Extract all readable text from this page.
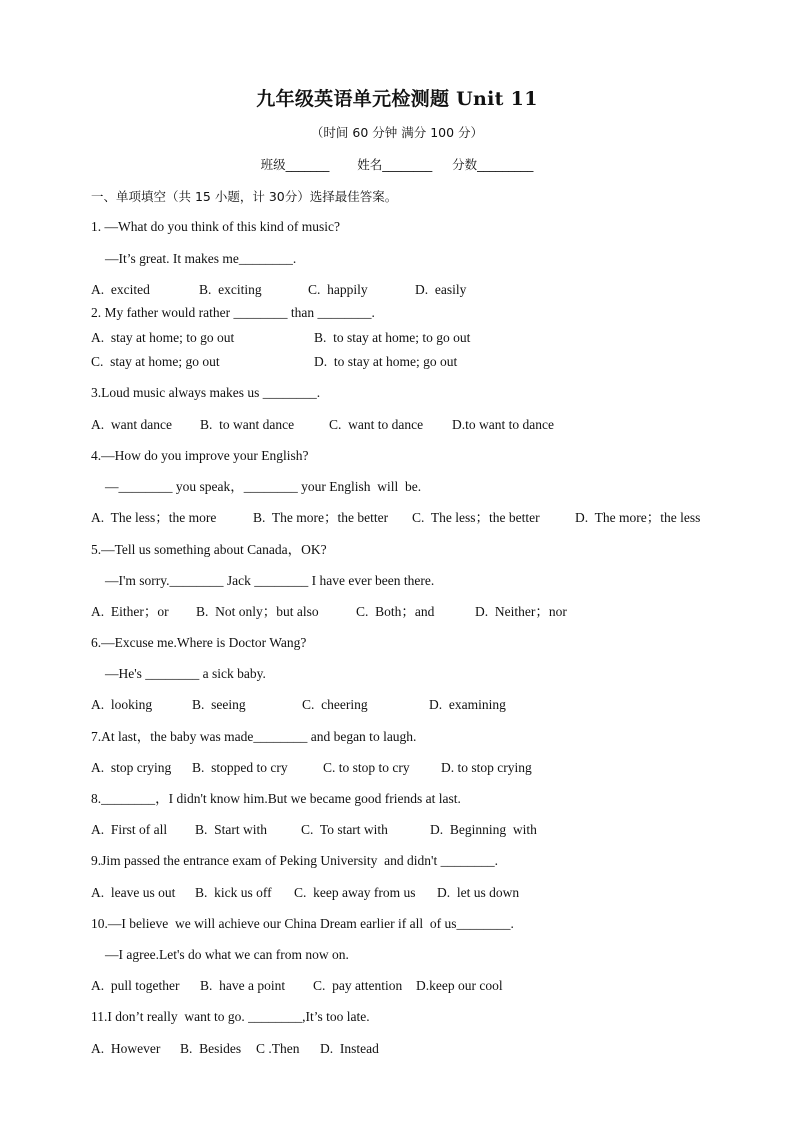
九年级英语单元检测题 Unit 11
（时间 60 分钟 满分 100 分）
班级_______       姓名________     分数_________
一、单项填空（共 15 小题，计 30分）选择最佳答案。
1. —What do you think of this kind of music?
—It’s great. It makes me________.
A.  excited	B.  exciting	C.  happily	D.  easily
2. My father would rather ________ than ________.
A.  stay at home; to go out	B.  to stay at home; to go out
C.  stay at home; go out	D.  to stay at home; go out
3.Loud music always makes us ________.
A.  want dance B.  to want dance	C.  want to dance D.to want to dance
4.—How do you improve your English?
—________ you speak，________ your English  will  be.
A.  The less；the more	B.  The more；the better C.  The less；the better	D.  The more；the less
5.—Tell us something about Canada，OK?
—I'm sorry.________ Jack ________ I have ever been there.
A.  Either；or B.  Not only；but also	C.  Both；and	D.  Neither；nor
6.—Excuse me.Where is Doctor Wang?
—He's ________ a sick baby.
A.  looking	B.  seeing	C.  cheering	D.  examining
7.At last，the baby was made________ and began to laugh.
A.  stop crying B.  stopped to cry	C. to stop to cry D. to stop crying
8.________，I didn't know him.But we became good friends at last.
A.  First of all B.  Start with	C.  To start with	D.  Beginning  with
9.Jim passed the entrance exam of Peking University  and didn't ________.
A.  leave us out B.  kick us off C.  keep away from us D.  let us down
10.—I believe  we will achieve our China Dream earlier if all  of us________.
—I agree.Let's do what we can from now on.
A.  pull together B.  have a point C.  pay attention D.keep our cool
11.I don’t really  want to go. ________,It’s too late.
A.  However B.  Besides C .Then D.  Instead
